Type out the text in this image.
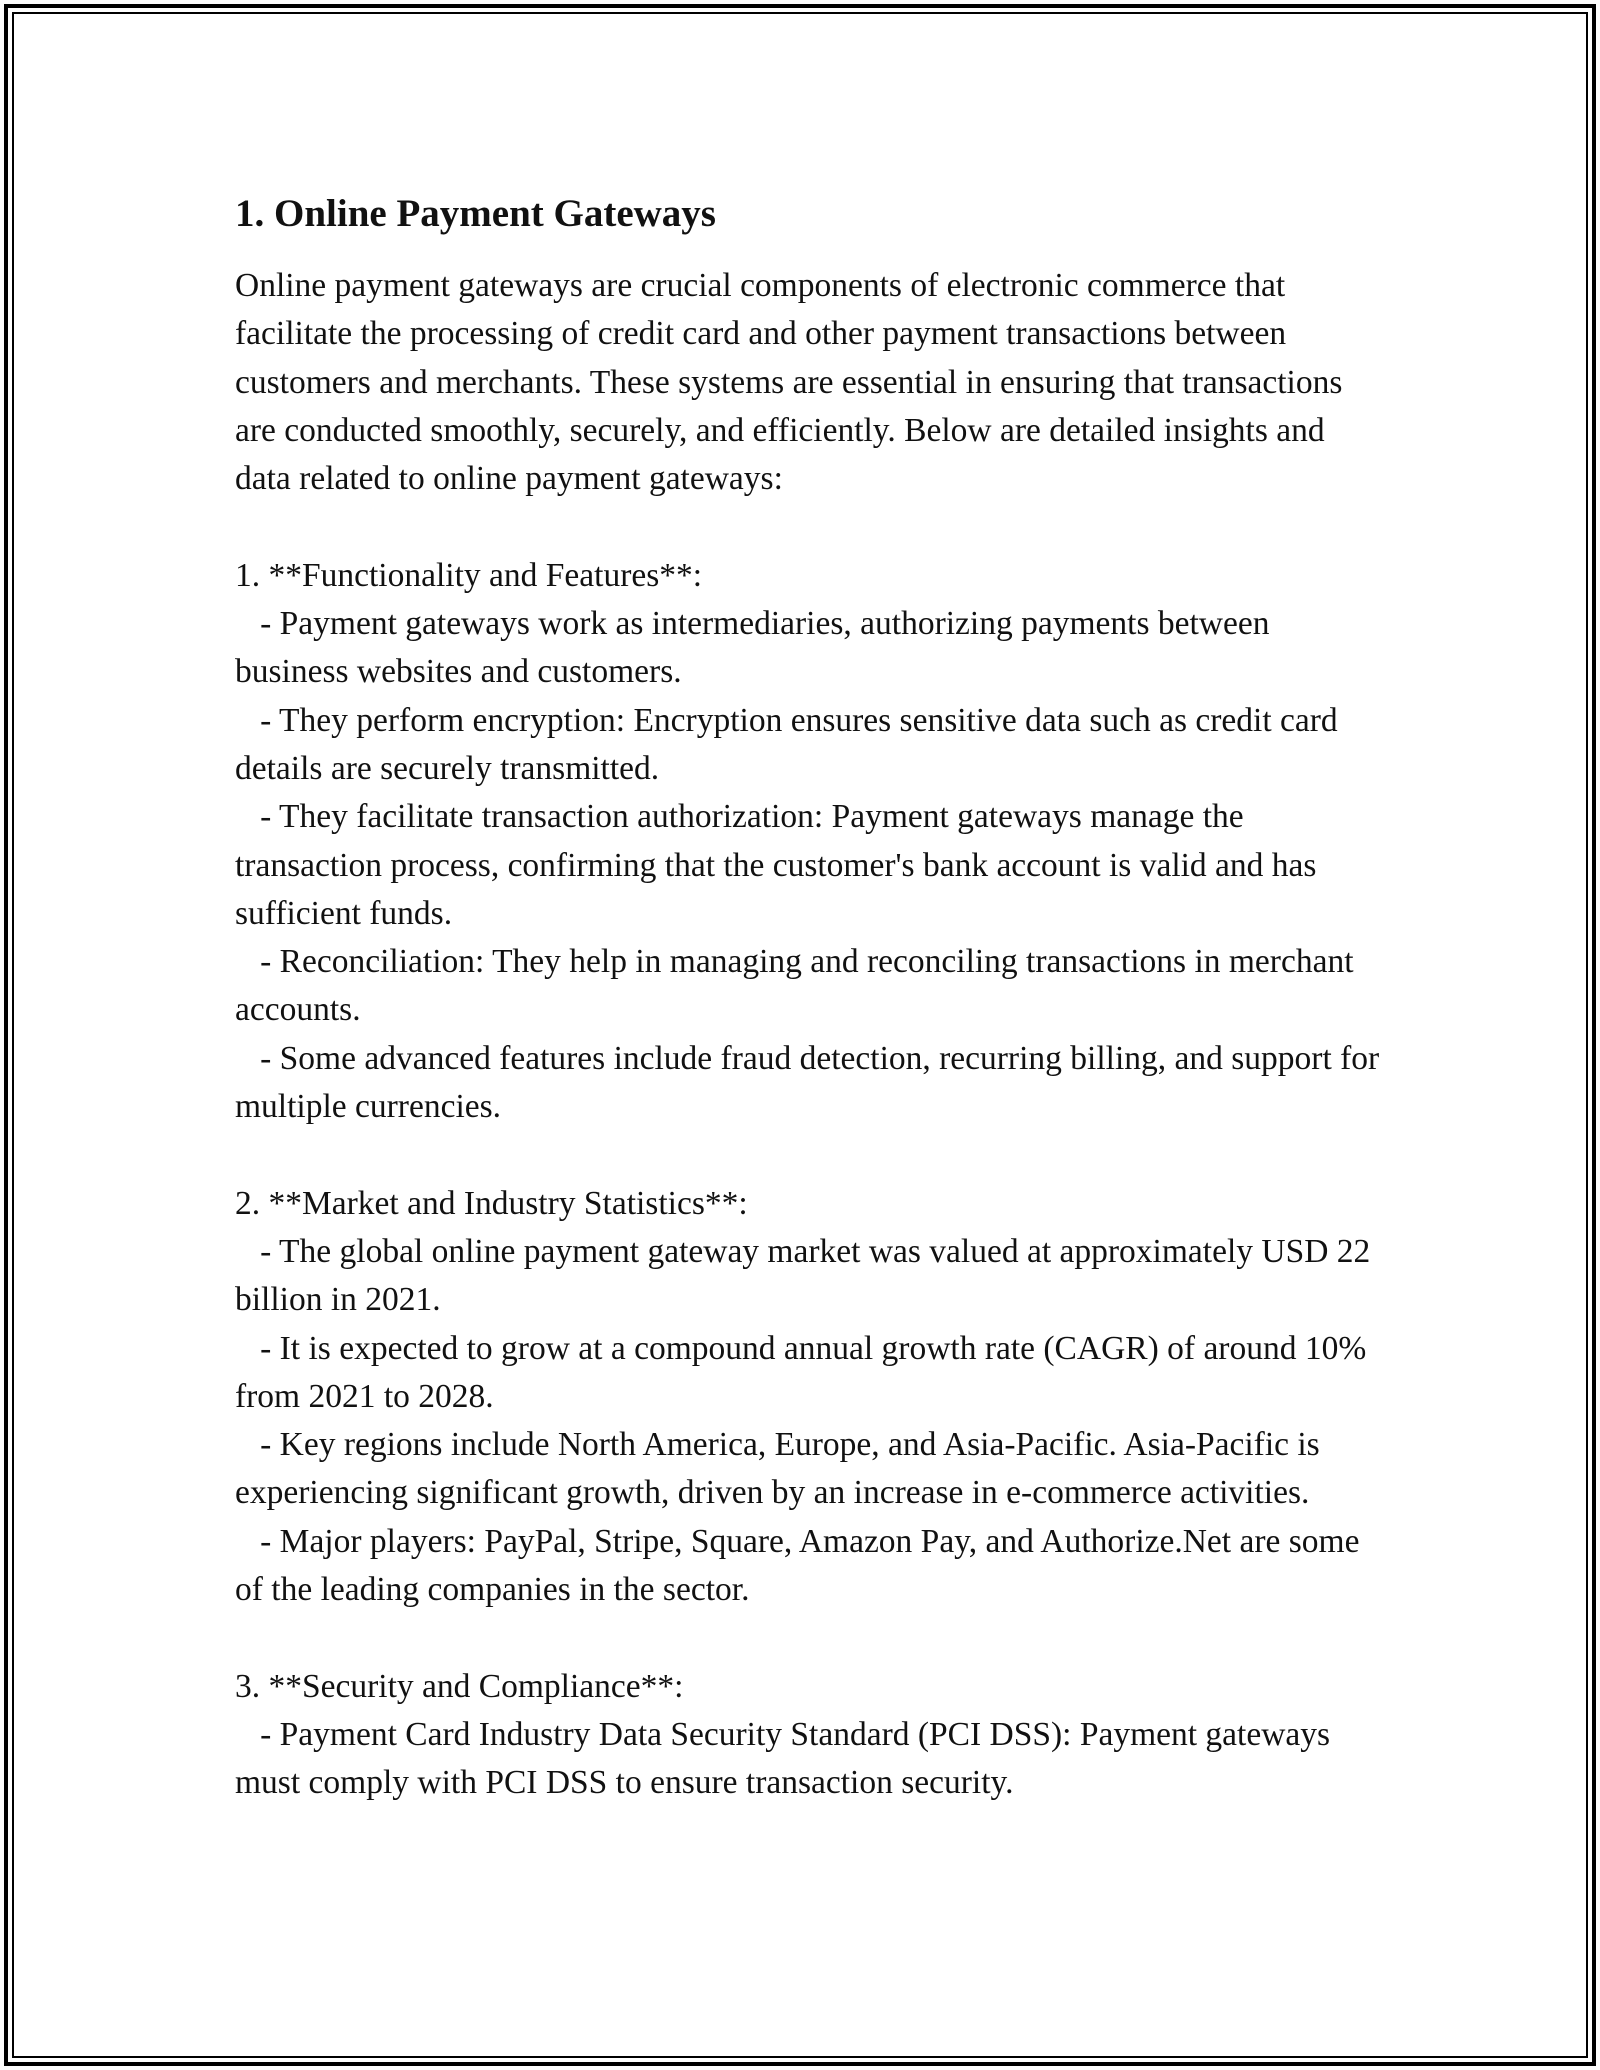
1. Online Payment Gateways

Online payment gateways are crucial components of electronic commerce that facilitate the processing of credit card and other payment transactions between customers and merchants. These systems are essential in ensuring that transactions are conducted smoothly, securely, and efficiently. Below are detailed insights and data related to online payment gateways:

1. **Functionality and Features**:
- Payment gateways work as intermediaries, authorizing payments between business websites and customers.
- They perform encryption: Encryption ensures sensitive data such as credit card details are securely transmitted.
- They facilitate transaction authorization: Payment gateways manage the transaction process, confirming that the customer's bank account is valid and has sufficient funds.
- Reconciliation: They help in managing and reconciling transactions in merchant accounts.
- Some advanced features include fraud detection, recurring billing, and support for multiple currencies.

2. **Market and Industry Statistics**:
- The global online payment gateway market was valued at approximately USD 22 billion in 2021.
- It is expected to grow at a compound annual growth rate (CAGR) of around 10% from 2021 to 2028.
- Key regions include North America, Europe, and Asia-Pacific. Asia-Pacific is experiencing significant growth, driven by an increase in e-commerce activities.
- Major players: PayPal, Stripe, Square, Amazon Pay, and Authorize.Net are some of the leading companies in the sector.

3. **Security and Compliance**:
- Payment Card Industry Data Security Standard (PCI DSS): Payment gateways must comply with PCI DSS to ensure transaction security.
